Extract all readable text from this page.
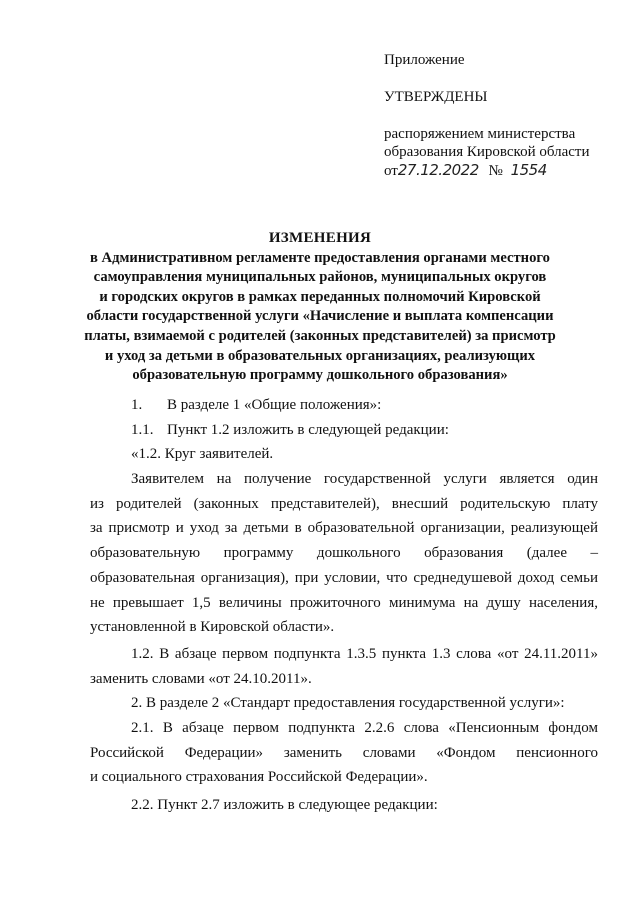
Приложение
УТВЕРЖДЕНЫ
распоряжением министерства
образования Кировской области
от27.12.2022 № 1554
ИЗМЕНЕНИЯ
в Административном регламенте предоставления органами местного
самоуправления муниципальных районов, муниципальных округов
и городских округов в рамках переданных полномочий Кировской
области государственной услуги «Начисление и выплата компенсации
платы, взимаемой с родителей (законных представителей) за присмотр
и уход за детьми в образовательных организациях, реализующих
образовательную программу дошкольного образования»
1. В разделе 1 «Общие положения»:
1.1. Пункт 1.2 изложить в следующей редакции:
«1.2. Круг заявителей.
Заявителем на получение государственной услуги является один
из родителей (законных представителей), внесший родительскую плату
за присмотр и уход за детьми в образовательной организации, реализующей
образовательную программу дошкольного образования (далее –
образовательная организация), при условии, что среднедушевой доход семьи
не превышает 1,5 величины прожиточного минимума на душу населения,
установленной в Кировской области».
1.2. В абзаце первом подпункта 1.3.5 пункта 1.3 слова «от 24.11.2011»
заменить словами «от 24.10.2011».
2. В разделе 2 «Стандарт предоставления государственной услуги»:
2.1. В абзаце первом подпункта 2.2.6 слова «Пенсионным фондом
Российской Федерации» заменить словами «Фондом пенсионного
и социального страхования Российской Федерации».
2.2. Пункт 2.7 изложить в следующее редакции:
